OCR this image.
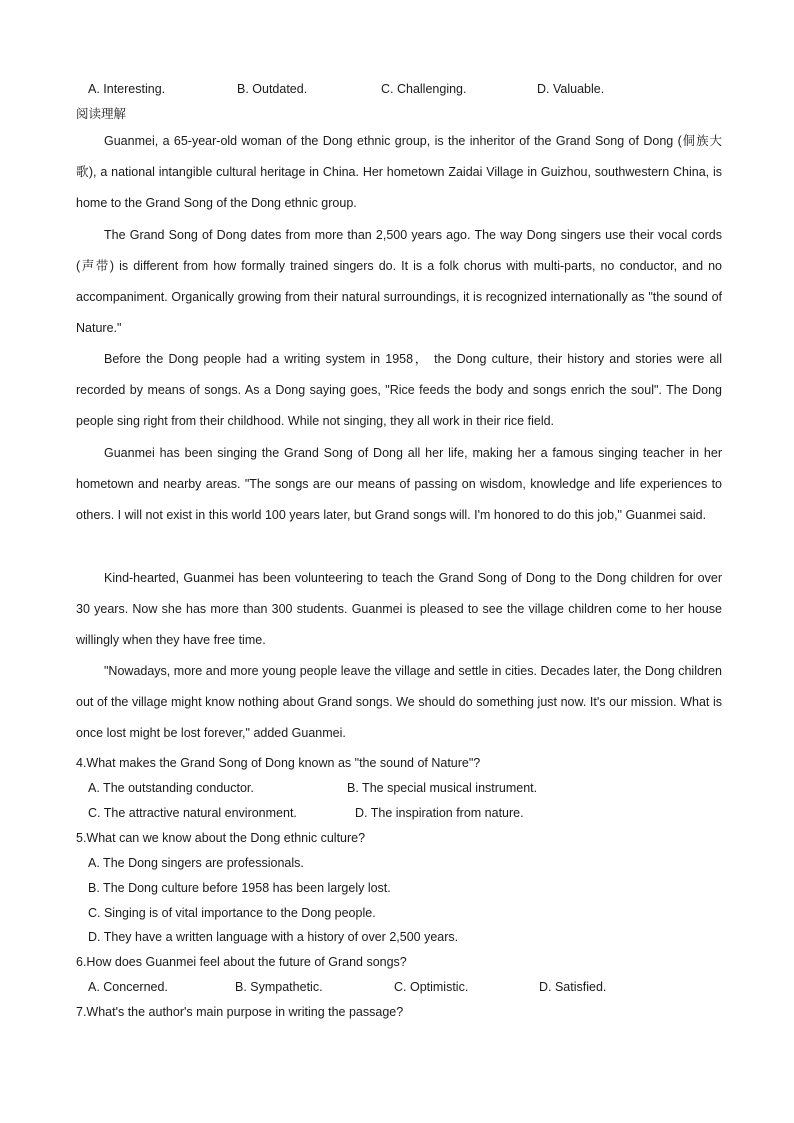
A. Interesting.	B. Outdated.	C. Challenging.	D. Valuable.
阅读理解

Guanmei, a 65-year-old woman of the Dong ethnic group, is the inheritor of the Grand Song of Dong (侗族大歌), a national intangible cultural heritage in China. Her hometown Zaidai Village in Guizhou, southwestern China, is home to the Grand Song of the Dong ethnic group.

The Grand Song of Dong dates from more than 2,500 years ago. The way Dong singers use their vocal cords (声带) is different from how formally trained singers do. It is a folk chorus with multi-parts, no conductor, and no accompaniment. Organically growing from their natural surroundings, it is recognized internationally as "the sound of Nature."

Before the Dong people had a writing system in 1958， the Dong culture, their history and stories were all recorded by means of songs. As a Dong saying goes, "Rice feeds the body and songs enrich the soul". The Dong people sing right from their childhood. While not singing, they all work in their rice field.

Guanmei has been singing the Grand Song of Dong all her life, making her a famous singing teacher in her hometown and nearby areas. "The songs are our means of passing on wisdom, knowledge and life experiences to others. I will not exist in this world 100 years later, but Grand songs will. I'm honored to do this job," Guanmei said.

Kind-hearted, Guanmei has been volunteering to teach the Grand Song of Dong to the Dong children for over 30 years. Now she has more than 300 students. Guanmei is pleased to see the village children come to her house willingly when they have free time.

"Nowadays, more and more young people leave the village and settle in cities. Decades later, the Dong children out of the village might know nothing about Grand songs. We should do something just now. It's our mission. What is once lost might be lost forever," added Guanmei.

4.What makes the Grand Song of Dong known as "the sound of Nature"?
A. The outstanding conductor.	B. The special musical instrument.
C. The attractive natural environment.	D. The inspiration from nature.
5.What can we know about the Dong ethnic culture?
A. The Dong singers are professionals.
B. The Dong culture before 1958 has been largely lost.
C. Singing is of vital importance to the Dong people.
D. They have a written language with a history of over 2,500 years.
6.How does Guanmei feel about the future of Grand songs?
A. Concerned.	B. Sympathetic.	C. Optimistic.	D. Satisfied.
7.What's the author's main purpose in writing the passage?
